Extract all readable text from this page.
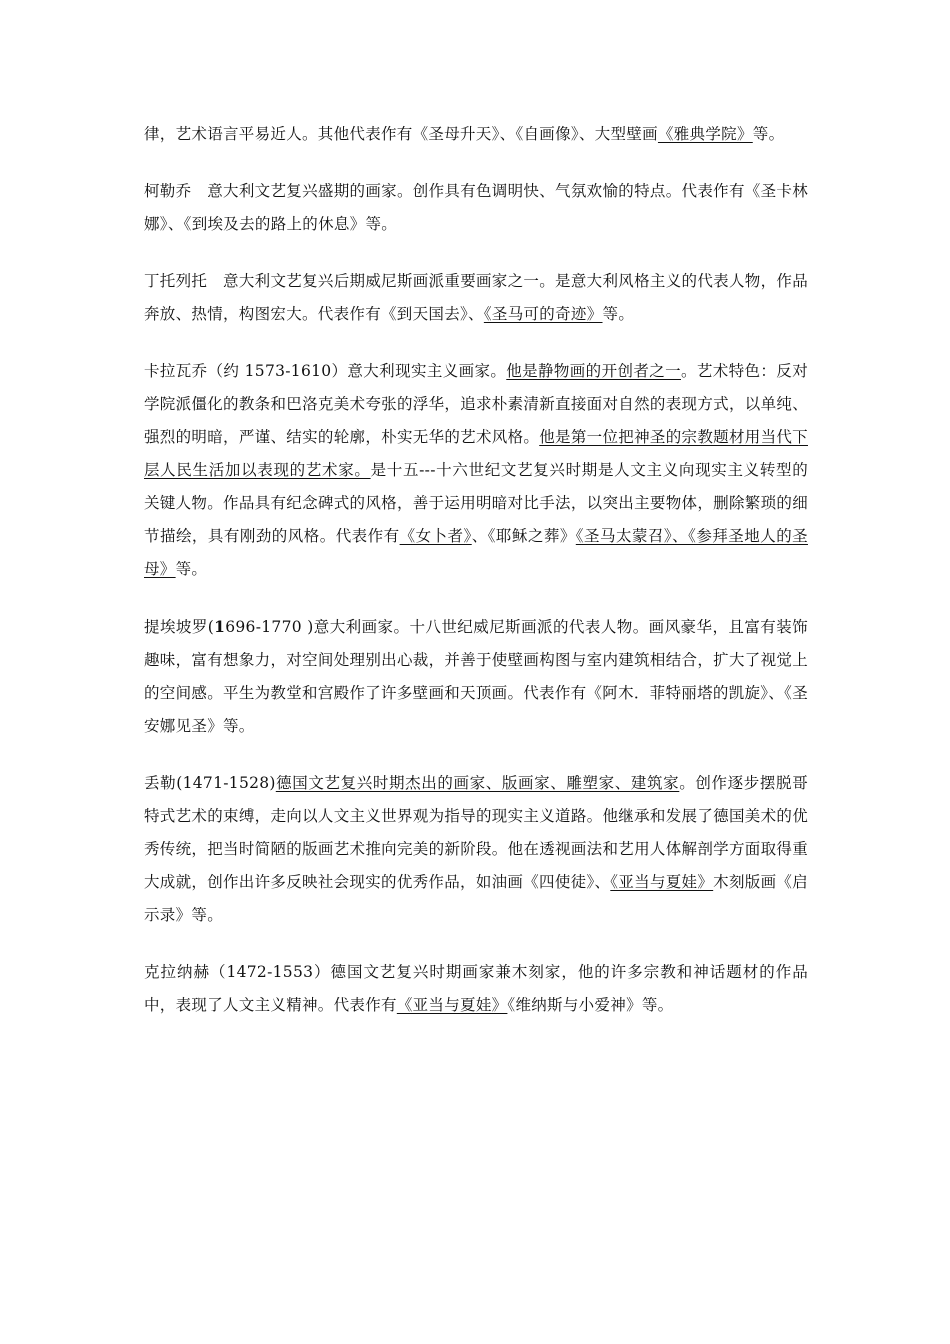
律，艺术语言平易近人。其他代表作有《圣母升天》、《自画像》、大型壁画《雅典学院》等。

柯勒乔　意大利文艺复兴盛期的画家。创作具有色调明快、气氛欢愉的特点。代表作有《圣卡林娜》、《到埃及去的路上的休息》等。

丁托列托　意大利文艺复兴后期威尼斯画派重要画家之一。是意大利风格主义的代表人物，作品奔放、热情，构图宏大。代表作有《到天国去》、《圣马可的奇迹》等。

卡拉瓦乔（约 1573-1610）意大利现实主义画家。他是静物画的开创者之一。艺术特色：反对学院派僵化的教条和巴洛克美术夸张的浮华，追求朴素清新直接面对自然的表现方式，以单纯、强烈的明暗，严谨、结实的轮廓，朴实无华的艺术风格。他是第一位把神圣的宗教题材用当代下层人民生活加以表现的艺术家。是十五---十六世纪文艺复兴时期是人文主义向现实主义转型的关键人物。作品具有纪念碑式的风格，善于运用明暗对比手法，以突出主要物体，删除繁琐的细节描绘，具有刚劲的风格。代表作有《女卜者》、《耶稣之葬》《圣马太蒙召》、《参拜圣地人的圣母》等。

提埃坡罗(1696-1770 )意大利画家。十八世纪威尼斯画派的代表人物。画风豪华，且富有装饰趣味，富有想象力，对空间处理别出心裁，并善于使壁画构图与室内建筑相结合，扩大了视觉上的空间感。平生为教堂和宫殿作了许多壁画和天顶画。代表作有《阿木．菲特丽塔的凯旋》、《圣安娜见圣》等。

丢勒(1471-1528)德国文艺复兴时期杰出的画家、版画家、雕塑家、建筑家。创作逐步摆脱哥特式艺术的束缚，走向以人文主义世界观为指导的现实主义道路。他继承和发展了德国美术的优秀传统，把当时简陋的版画艺术推向完美的新阶段。他在透视画法和艺用人体解剖学方面取得重大成就，创作出许多反映社会现实的优秀作品，如油画《四使徒》、《亚当与夏娃》木刻版画《启示录》等。

克拉纳赫（1472-1553）德国文艺复兴时期画家兼木刻家，他的许多宗教和神话题材的作品中，表现了人文主义精神。代表作有《亚当与夏娃》《维纳斯与小爱神》等。
